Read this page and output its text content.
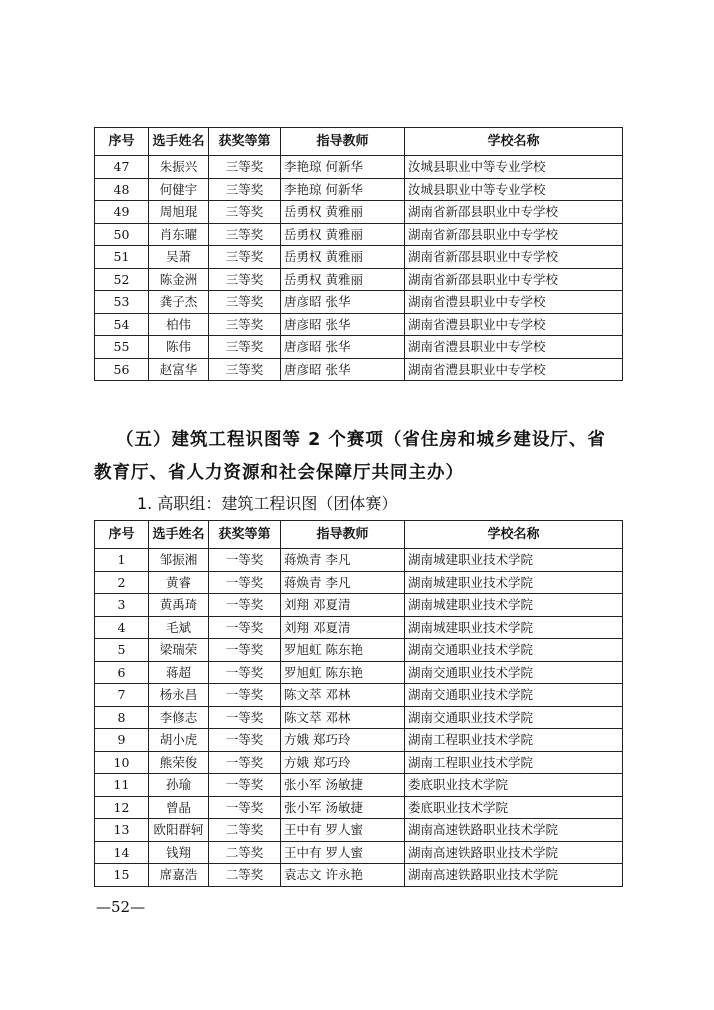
序号	选手姓名	获奖等第	指导教师	学校名称
47	朱振兴	三等奖	李艳琼 何新华	汝城县职业中等专业学校
48	何健宇	三等奖	李艳琼 何新华	汝城县职业中等专业学校
49	周旭琨	三等奖	岳勇权 黄雅丽	湖南省新邵县职业中专学校
50	肖东曜	三等奖	岳勇权 黄雅丽	湖南省新邵县职业中专学校
51	吴萧	三等奖	岳勇权 黄雅丽	湖南省新邵县职业中专学校
52	陈金洲	三等奖	岳勇权 黄雅丽	湖南省新邵县职业中专学校
53	龚子杰	三等奖	唐彦昭 张华	湖南省澧县职业中专学校
54	柏伟	三等奖	唐彦昭 张华	湖南省澧县职业中专学校
55	陈伟	三等奖	唐彦昭 张华	湖南省澧县职业中专学校
56	赵富华	三等奖	唐彦昭 张华	湖南省澧县职业中专学校
（五）建筑工程识图等 2 个赛项（省住房和城乡建设厅、省
教育厅、省人力资源和社会保障厅共同主办）
1. 高职组：建筑工程识图（团体赛）
序号	选手姓名	获奖等第	指导教师	学校名称
1	邹振湘	一等奖	蒋焕青 李凡	湖南城建职业技术学院
2	黄睿	一等奖	蒋焕青 李凡	湖南城建职业技术学院
3	黄禹琦	一等奖	刘翔 邓夏清	湖南城建职业技术学院
4	毛斌	一等奖	刘翔 邓夏清	湖南城建职业技术学院
5	梁瑞荣	一等奖	罗旭虹 陈东艳	湖南交通职业技术学院
6	蒋超	一等奖	罗旭虹 陈东艳	湖南交通职业技术学院
7	杨永昌	一等奖	陈文萃 邓林	湖南交通职业技术学院
8	李修志	一等奖	陈文萃 邓林	湖南交通职业技术学院
9	胡小虎	一等奖	方娥 郑巧玲	湖南工程职业技术学院
10	熊荣俊	一等奖	方娥 郑巧玲	湖南工程职业技术学院
11	孙瑜	一等奖	张小军 汤敏捷	娄底职业技术学院
12	曾晶	一等奖	张小军 汤敏捷	娄底职业技术学院
13	欧阳群轲	二等奖	王中有 罗人蜜	湖南高速铁路职业技术学院
14	钱翔	二等奖	王中有 罗人蜜	湖南高速铁路职业技术学院
15	席嘉浩	二等奖	袁志文 许永艳	湖南高速铁路职业技术学院
—52—
